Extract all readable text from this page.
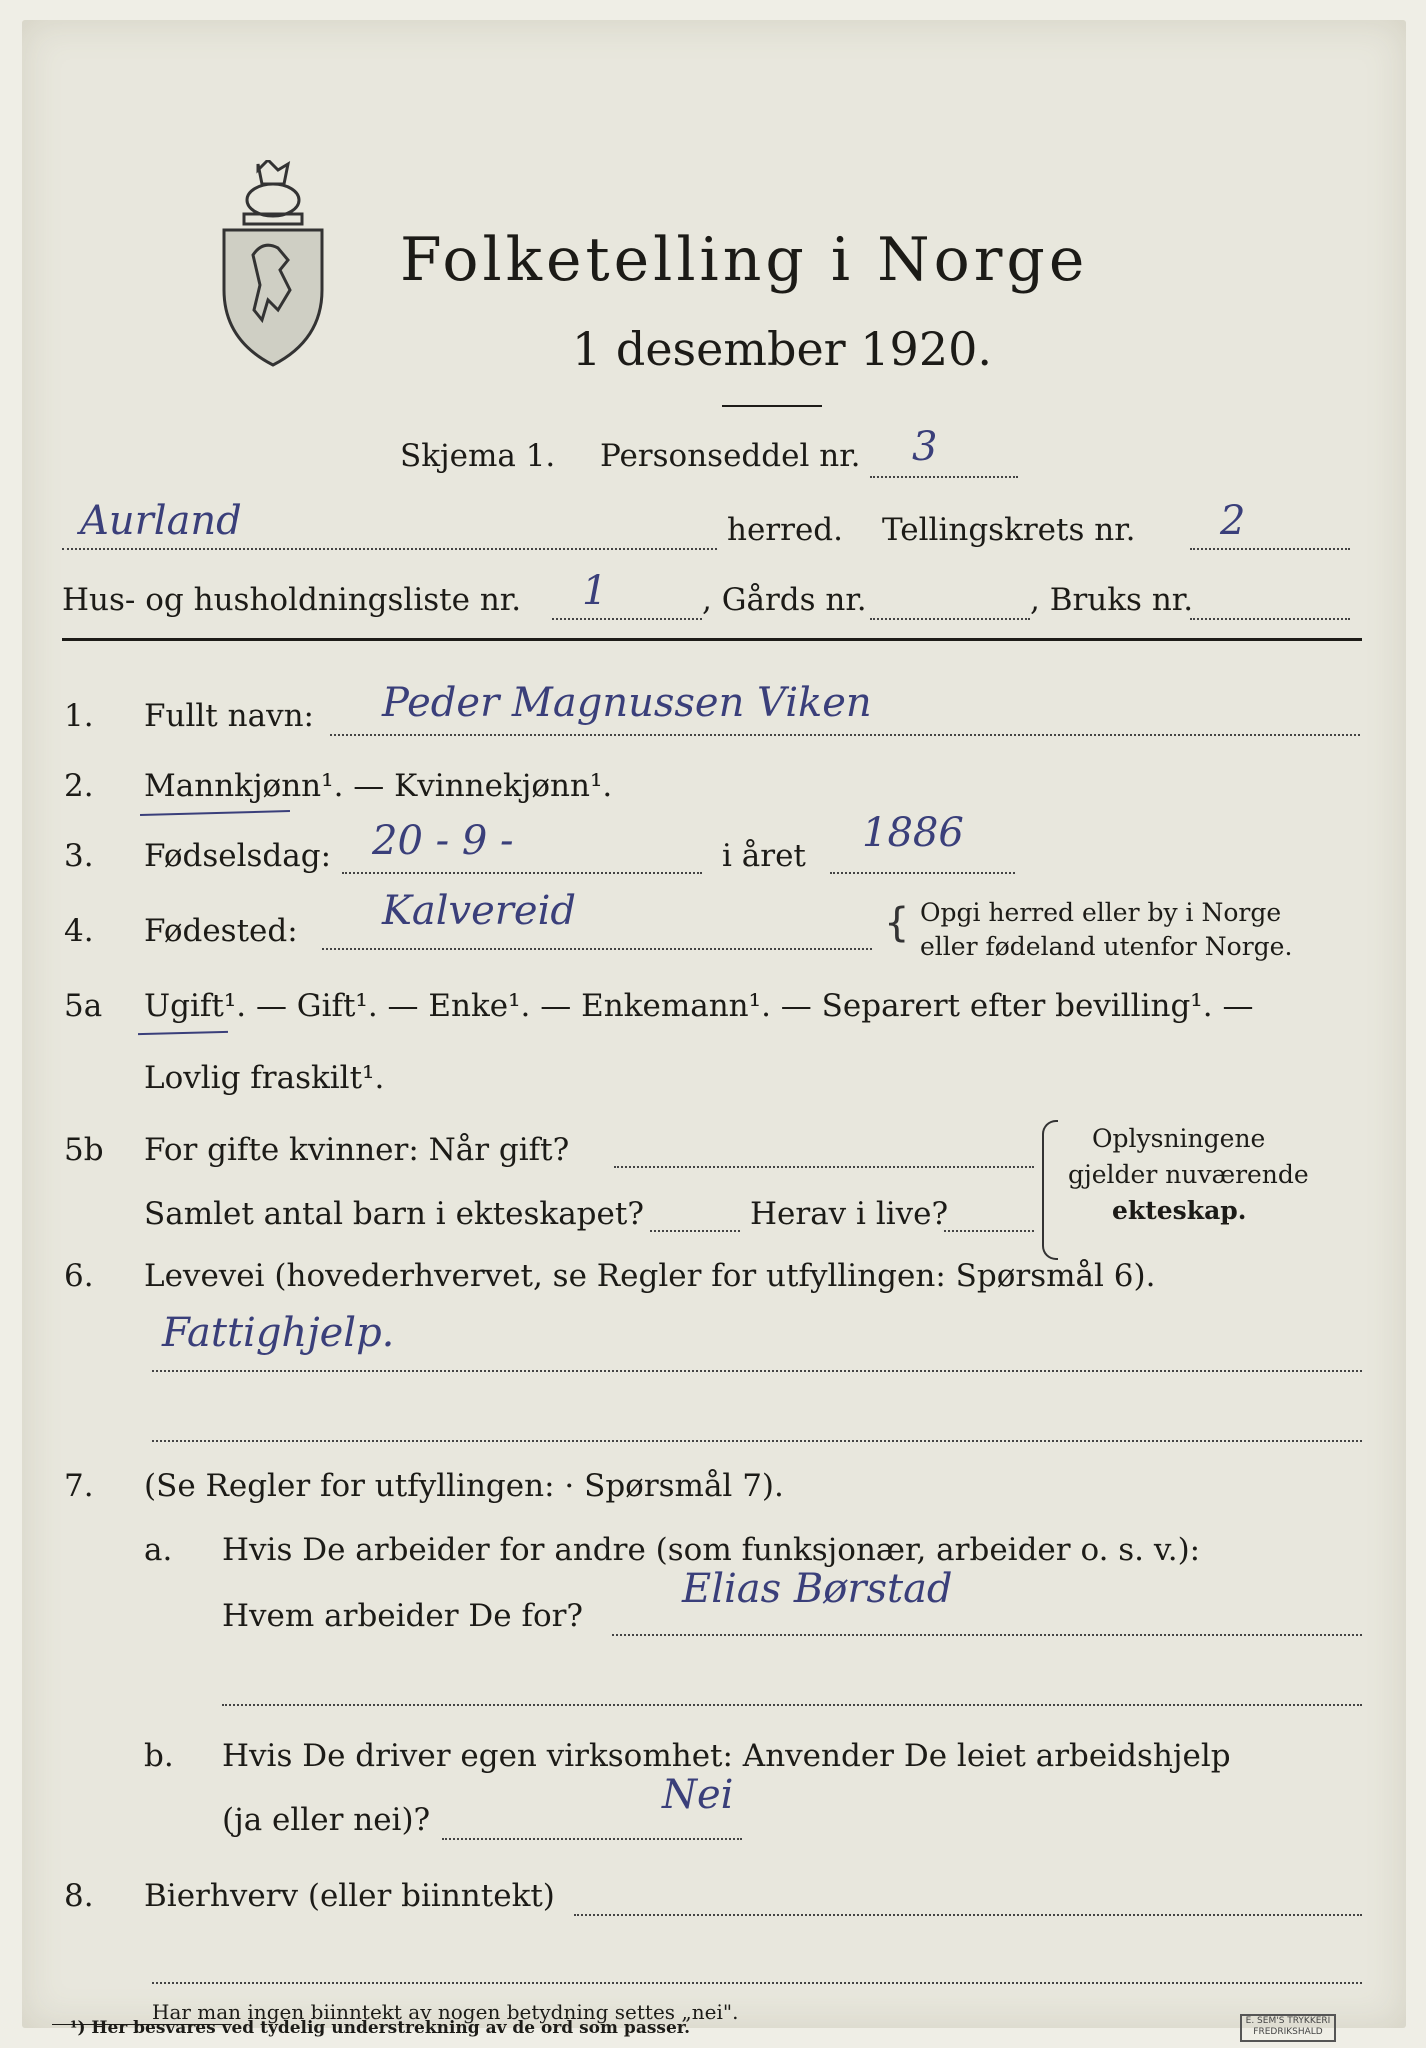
Folketelling i Norge
1 desember 1920.
Skjema 1. Personseddel nr. 3
Aurland	herred. Tellingskrets nr. 2
Hus- og husholdningsliste nr. 1	, Gårds nr.	, Bruks nr.
1. Fullt navn: Peder Magnussen Viken
2. Mannkjønn¹. — Kvinnekjønn¹.
3. Fødselsdag: 20 - 9 -	i året 1886
4. Fødested: Kalvereid	{ Opgi herred eller by i Norge
eller fødeland utenfor Norge.
5a Ugift¹. — Gift¹. — Enke¹. — Enkemann¹. — Separert efter bevilling¹. —
Lovlig fraskilt¹.
5b For gifte kvinner: Når gift?
Samlet antal barn i ekteskapet?	Herav i live?
Oplysningene
gjelder nuværende
ekteskap.
6. Levevei (hovederhvervet, se Regler for utfyllingen: Spørsmål 6).
Fattighjelp.
7. (Se Regler for utfyllingen: · Spørsmål 7).
a. Hvis De arbeider for andre (som funksjonær, arbeider o. s. v.):
Hvem arbeider De for?
Elias Børstad
b. Hvis De driver egen virksomhet: Anvender De leiet arbeidshjelp
(ja eller nei)?
Nei
8. Bierhverv (eller biinntekt)
Har man ingen biinntekt av nogen betydning settes „nei".
¹) Her besvares ved tydelig understrekning av de ord som passer.	E. SEM'S TRYKKERI
FREDRIKSHALD
